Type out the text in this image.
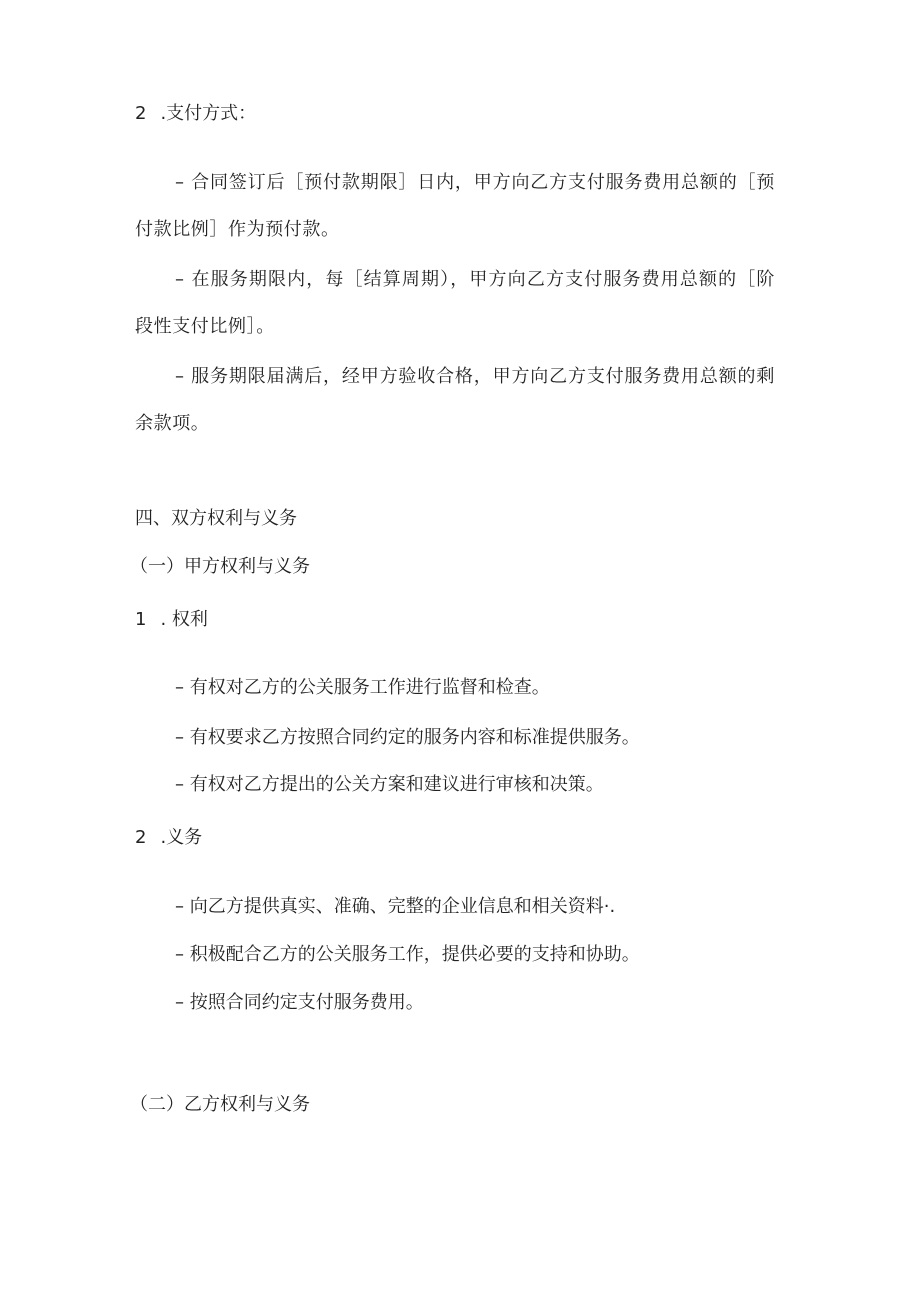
2 .支付方式：
– 合同签订后［预付款期限］日内，甲方向乙方支付服务费用总额的［预付款比例］作为预付款。
– 在服务期限内，每［结算周期），甲方向乙方支付服务费用总额的［阶段性支付比例］。
– 服务期限届满后，经甲方验收合格，甲方向乙方支付服务费用总额的剩余款项。
四、双方权利与义务
（一）甲方权利与义务
1 . 权利
– 有权对乙方的公关服务工作进行监督和检查。
– 有权要求乙方按照合同约定的服务内容和标准提供服务。
– 有权对乙方提出的公关方案和建议进行审核和决策。
2 .义务
– 向乙方提供真实、准确、完整的企业信息和相关资料·.
– 积极配合乙方的公关服务工作，提供必要的支持和协助。
– 按照合同约定支付服务费用。
（二）乙方权利与义务
